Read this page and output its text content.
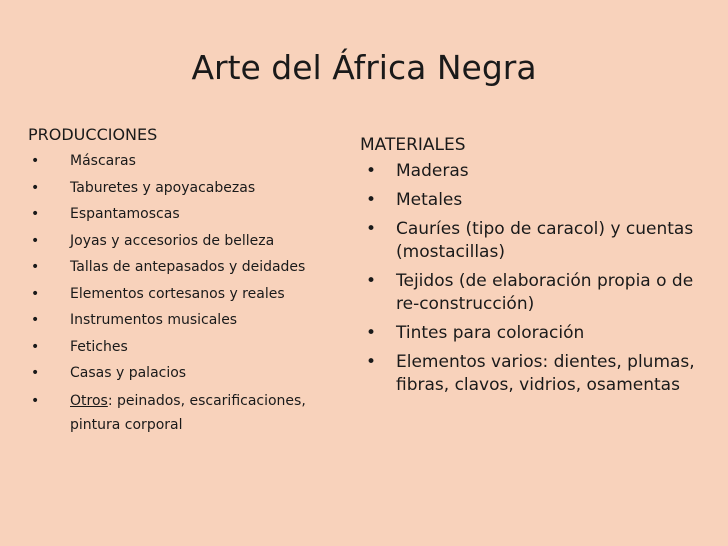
Arte del África Negra
PRODUCCIONES
• Máscaras
• Taburetes y apoyacabezas
• Espantamoscas
• Joyas y accesorios de belleza
• Tallas de antepasados y deidades
• Elementos cortesanos y reales
• Instrumentos musicales
• Fetiches
• Casas y palacios
• Otros: peinados, escarificaciones, pintura corporal
MATERIALES
• Maderas
• Metales
• Cauríes (tipo de caracol) y cuentas (mostacillas)
• Tejidos (de elaboración propia o de re-construcción)
• Tintes para coloración
• Elementos varios: dientes, plumas, fibras, clavos, vidrios, osamentas
